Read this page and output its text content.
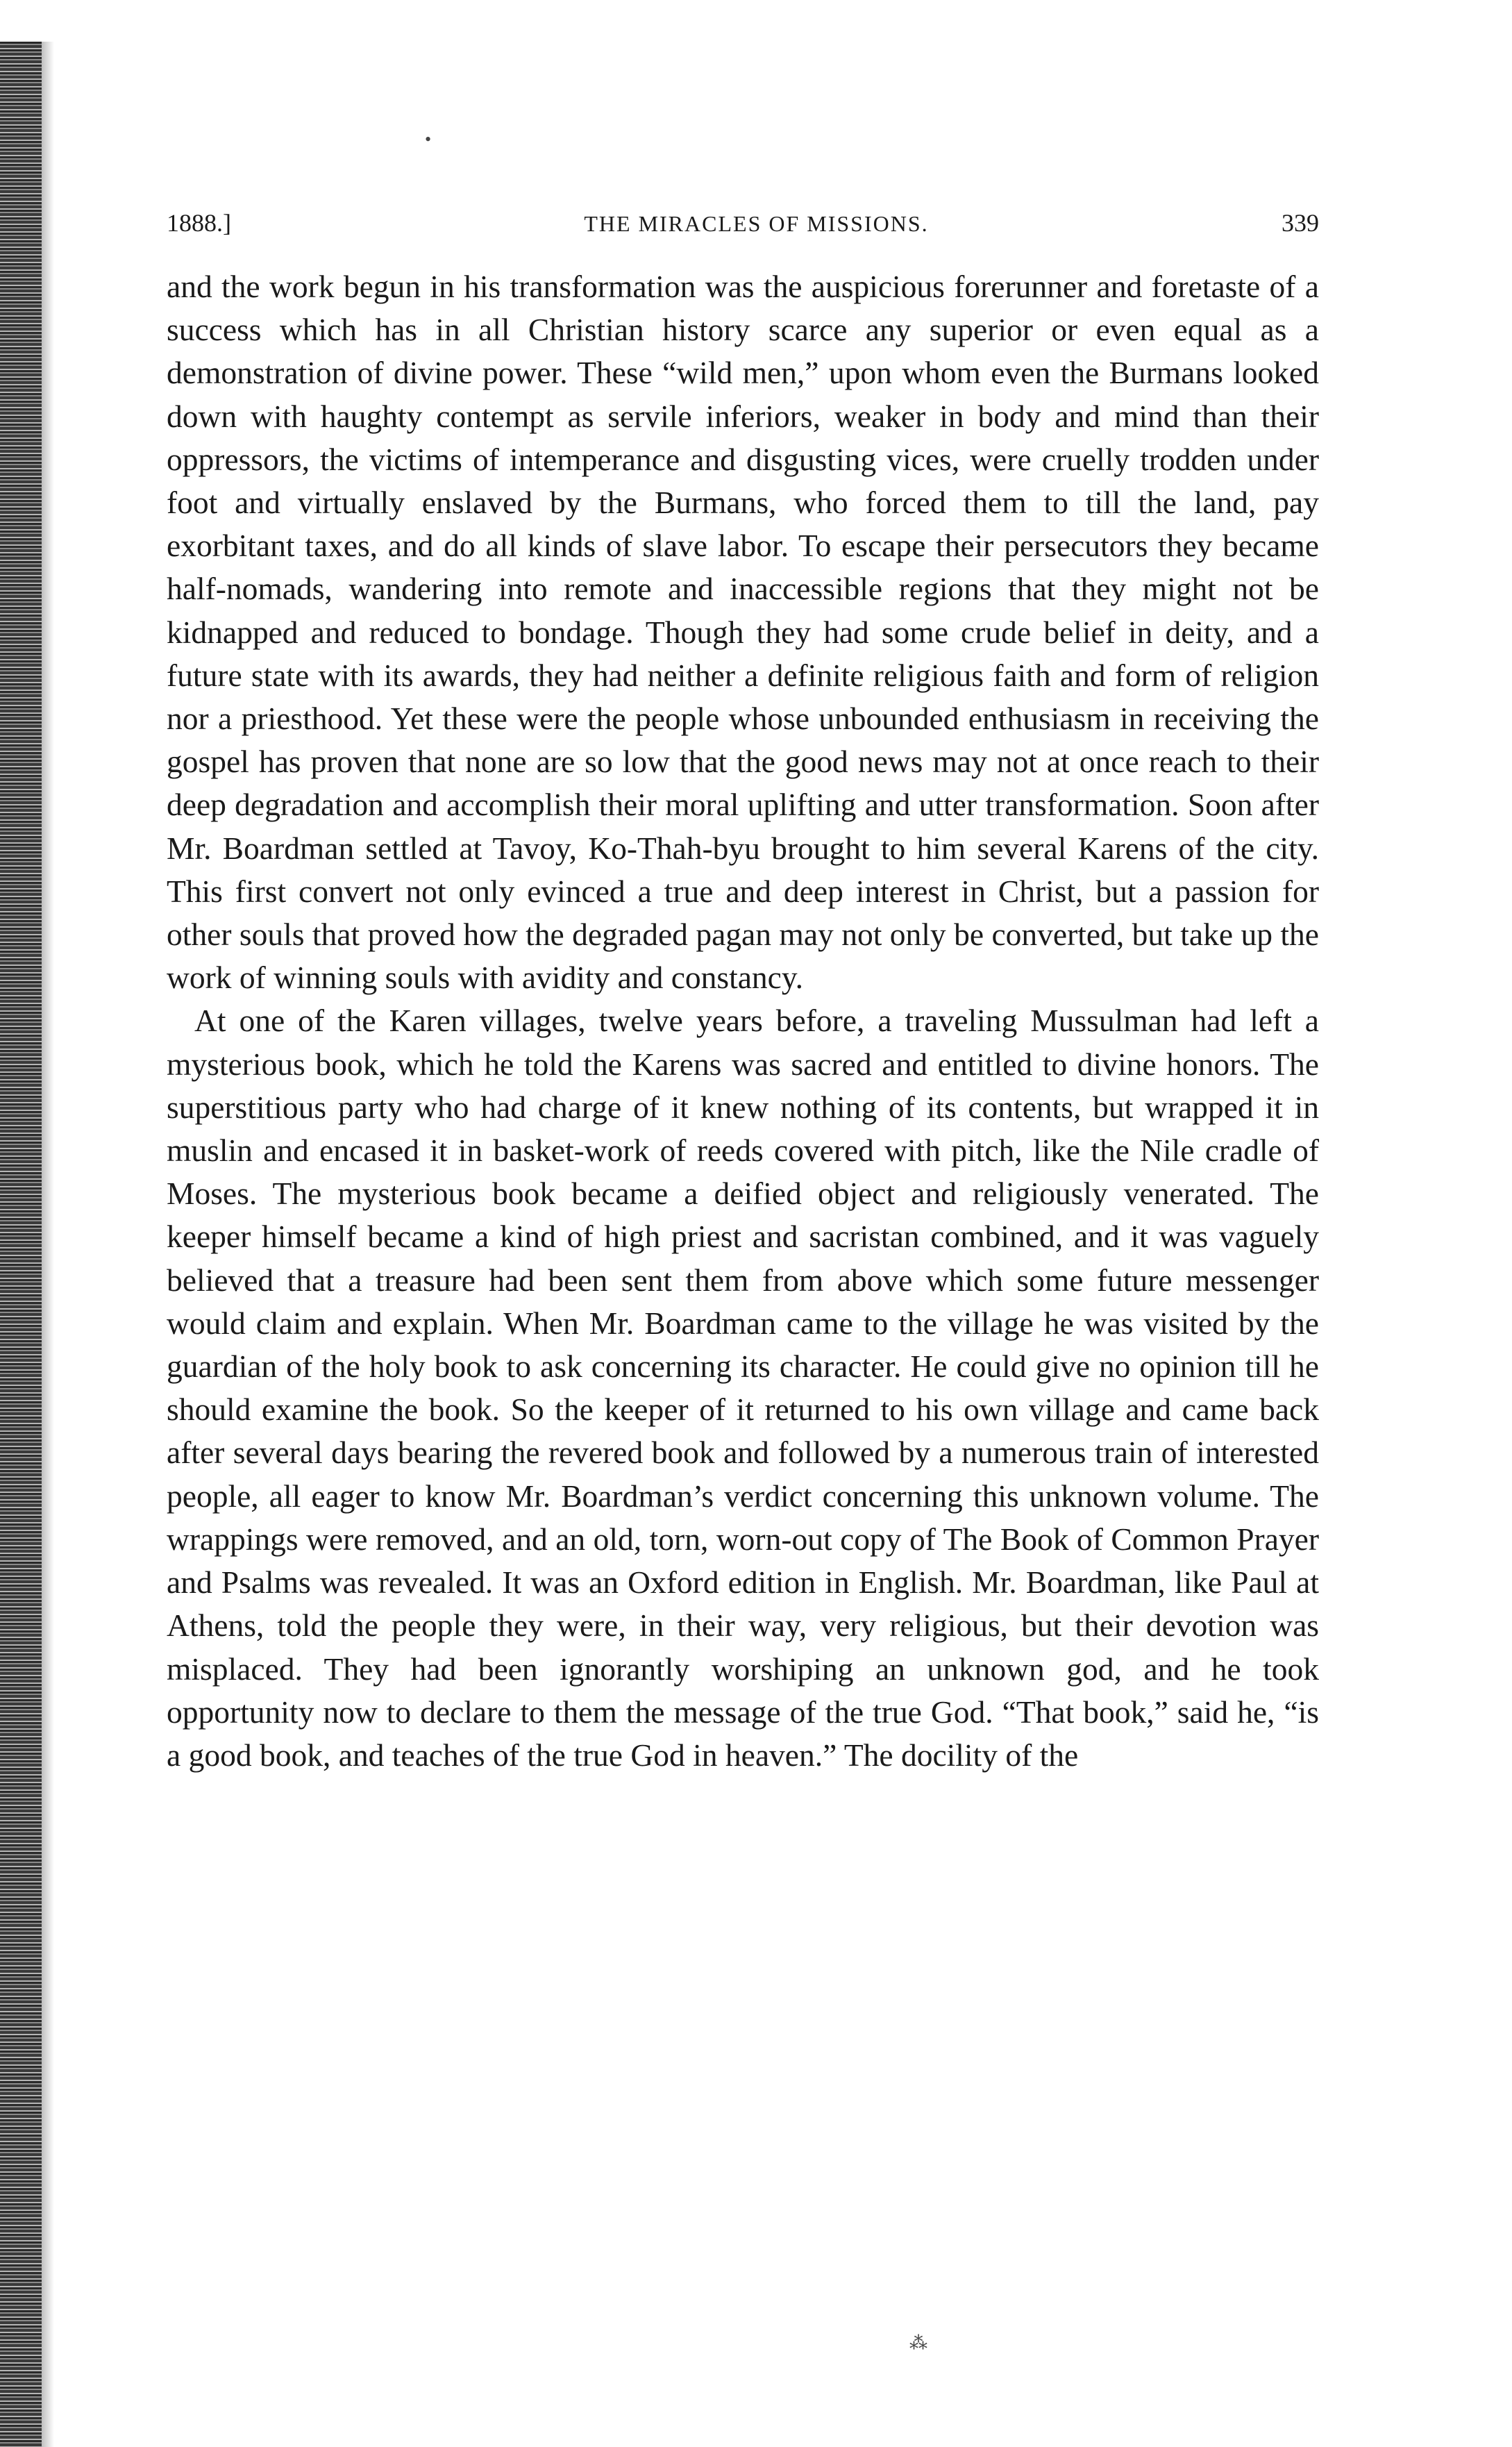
•
⁂
1888.]	THE MIRACLES OF MISSIONS.	339

and the work begun in his transformation was the auspicious forerunner and foretaste of a success which has in all Christian history scarce any superior or even equal as a demonstration of divine power. These “wild men,” upon whom even the Burmans looked down with haughty contempt as servile inferiors, weaker in body and mind than their oppressors, the victims of intemperance and disgusting vices, were cruelly trodden under foot and virtually enslaved by the Burmans, who forced them to till the land, pay exorbitant taxes, and do all kinds of slave labor. To escape their persecutors they became half-nomads, wandering into remote and inaccessible regions that they might not be kidnapped and reduced to bondage. Though they had some crude belief in deity, and a future state with its awards, they had neither a definite religious faith and form of religion nor a priesthood. Yet these were the people whose unbounded enthusiasm in receiving the gospel has proven that none are so low that the good news may not at once reach to their deep degradation and accomplish their moral uplifting and utter transformation. Soon after Mr. Boardman settled at Tavoy, Ko-Thah-byu brought to him several Karens of the city. This first convert not only evinced a true and deep interest in Christ, but a passion for other souls that proved how the degraded pagan may not only be converted, but take up the work of winning souls with avidity and constancy.

At one of the Karen villages, twelve years before, a traveling Mussulman had left a mysterious book, which he told the Karens was sacred and entitled to divine honors. The superstitious party who had charge of it knew nothing of its contents, but wrapped it in muslin and encased it in basket-work of reeds covered with pitch, like the Nile cradle of Moses. The mysterious book became a deified object and religiously venerated. The keeper himself became a kind of high priest and sacristan combined, and it was vaguely believed that a treasure had been sent them from above which some future messenger would claim and explain. When Mr. Boardman came to the village he was visited by the guardian of the holy book to ask concerning its character. He could give no opinion till he should examine the book. So the keeper of it returned to his own village and came back after several days bearing the revered book and followed by a numerous train of interested people, all eager to know Mr. Boardman’s verdict concerning this unknown volume. The wrappings were removed, and an old, torn, worn-out copy of The Book of Common Prayer and Psalms was revealed. It was an Oxford edition in English. Mr. Boardman, like Paul at Athens, told the people they were, in their way, very religious, but their devotion was misplaced. They had been ignorantly worshiping an unknown god, and he took opportunity now to declare to them the message of the true God. “That book,” said he, “is a good book, and teaches of the true God in heaven.” The docility of the
